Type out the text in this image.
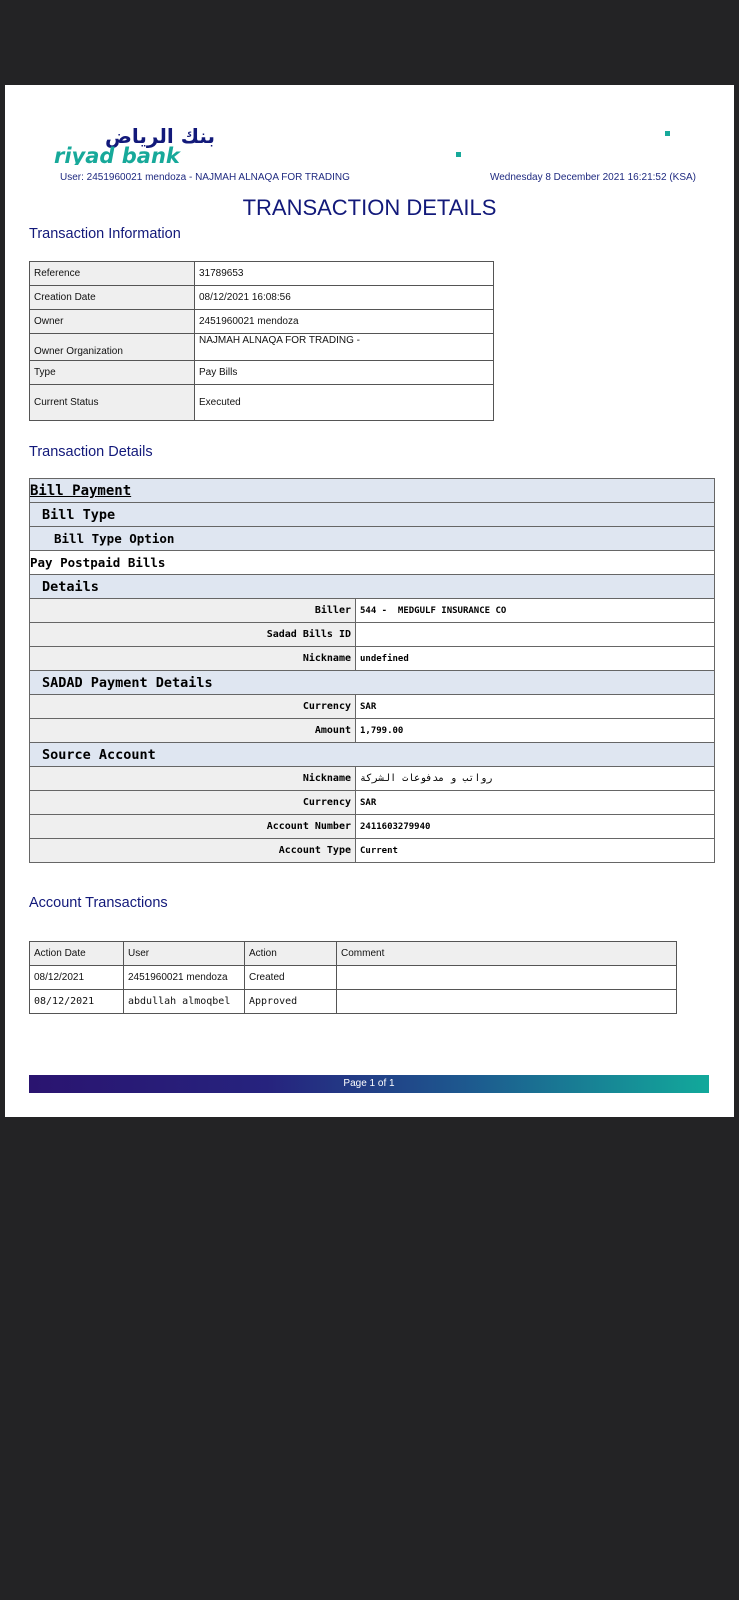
بنك الرياض
riyad bank
User: 2451960021 mendoza - NAJMAH ALNAQA FOR TRADING	Wednesday 8 December 2021 16:21:52 (KSA)
TRANSACTION DETAILS
Transaction Information
Reference	31789653
Creation Date	08/12/2021 16:08:56
Owner	2451960021 mendoza
Owner Organization	NAJMAH ALNAQA FOR TRADING -
Type	Pay Bills
Current Status	Executed
Transaction Details
Bill Payment	
Bill Type	
Bill Type Option	
Pay Postpaid Bills	
Details	
Biller	544 -  MEDGULF INSURANCE CO
Sadad Bills ID	
Nickname	undefined
SADAD Payment Details	
Currency	SAR
Amount	1,799.00
Source Account	
Nickname	رواتب و مدفوعات الشركة
Currency	SAR
Account Number	2411603279940
Account Type	Current
Account Transactions
Action Date	User	Action	Comment
08/12/2021	2451960021 mendoza	Created	
08/12/2021	abdullah almoqbel	Approved	
Page 1 of 1
